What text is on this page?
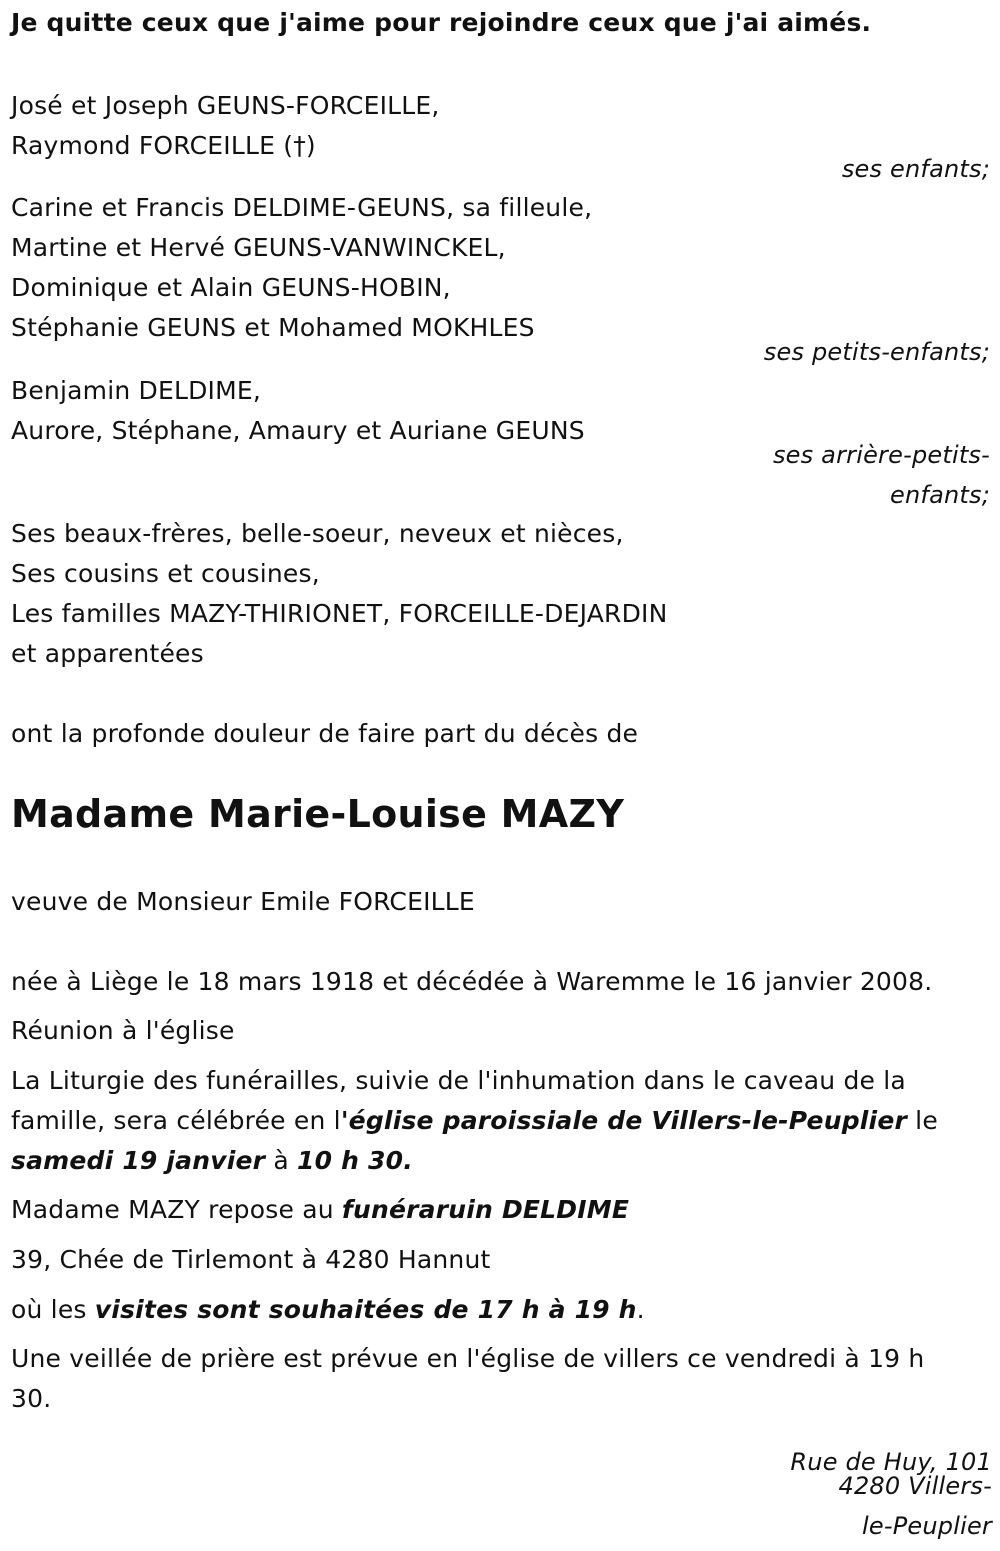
Je quitte ceux que j'aime pour rejoindre ceux que j'ai aimés.
José et Joseph GEUNS-FORCEILLE,
Raymond FORCEILLE (†)
ses enfants;
Carine et Francis DELDIME-GEUNS, sa filleule,
Martine et Hervé GEUNS-VANWINCKEL,
Dominique et Alain GEUNS-HOBIN,
Stéphanie GEUNS et Mohamed MOKHLES
ses petits-enfants;
Benjamin DELDIME,
Aurore, Stéphane, Amaury et Auriane GEUNS
ses arrière-petits-
enfants;
Ses beaux-frères, belle-soeur, neveux et nièces,
Ses cousins et cousines,
Les familles MAZY-THIRIONET, FORCEILLE-DEJARDIN
et apparentées
ont la profonde douleur de faire part du décès de
Madame Marie-Louise MAZY
veuve de Monsieur Emile FORCEILLE
née à Liège le 18 mars 1918 et décédée à Waremme le 16 janvier 2008.
Réunion à l'église
La Liturgie des funérailles, suivie de l'inhumation dans le caveau de la famille, sera célébrée en l'église paroissiale de Villers-le-Peuplier le samedi 19 janvier à 10 h 30.
Madame MAZY repose au funéraruin DELDIME
39, Chée de Tirlemont à 4280 Hannut
où les visites sont souhaitées de 17 h à 19 h.
Une veillée de prière est prévue en l'église de villers ce vendredi à 19 h 30.
Rue de Huy, 101
4280 Villers-
le-Peuplier
